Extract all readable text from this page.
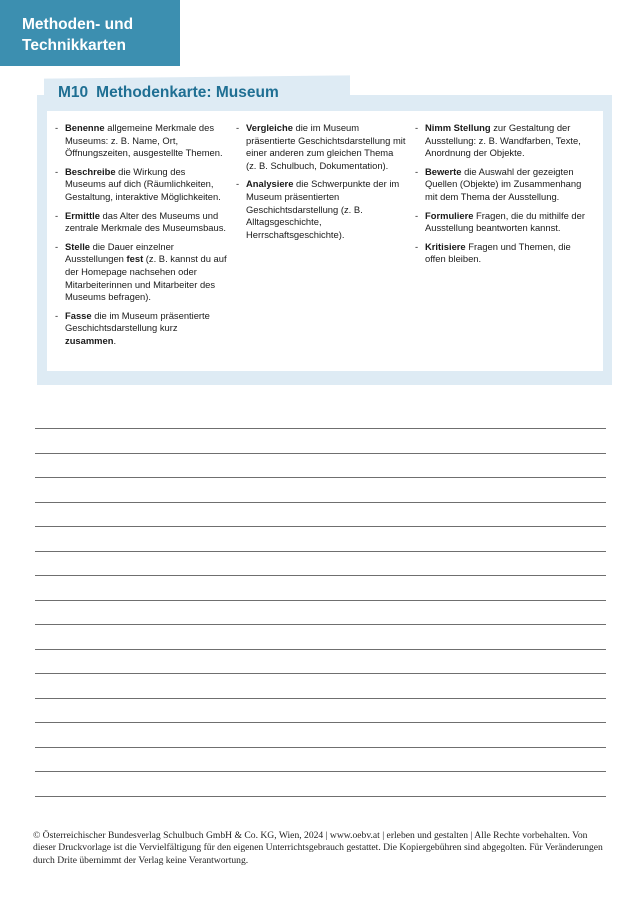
Methoden- und
Technikkarten
M10 Methodenkarte: Museum
- Benenne allgemeine Merkmale des Museums: z. B. Name, Ort, Öffnungszeiten, ausgestellte Themen.
- Beschreibe die Wirkung des Museums auf dich (Räumlichkeiten, Gestaltung, interaktive Möglichkeiten.
- Ermittle das Alter des Museums und zentrale Merkmale des Museumsbaus.
- Stelle die Dauer einzelner Ausstellungen fest (z. B. kannst du auf der Homepage nachsehen oder Mitarbeiterinnen und Mitarbeiter des Museums befragen).
- Fasse die im Museum präsentierte Geschichtsdarstellung kurz zusammen.
- Vergleiche die im Museum präsentierte Geschichtsdarstellung mit einer anderen zum gleichen Thema (z. B. Schulbuch, Dokumentation).
- Analysiere die Schwerpunkte der im Museum präsentierten Geschichtsdarstellung (z. B. Alltagsgeschichte, Herrschaftsgeschichte).
- Nimm Stellung zur Gestaltung der Ausstellung: z. B. Wandfarben, Texte, Anordnung der Objekte.
- Bewerte die Auswahl der gezeigten Quellen (Objekte) im Zusammenhang mit dem Thema der Ausstellung.
- Formuliere Fragen, die du mithilfe der Ausstellung beantworten kannst.
- Kritisiere Fragen und Themen, die offen bleiben.
© Österreichischer Bundesverlag Schulbuch GmbH & Co. KG, Wien, 2024 | www.oebv.at | erleben und gestalten | Alle Rechte vorbehalten. Von dieser Druckvorlage ist die Vervielfältigung für den eigenen Unterrichtsgebrauch gestattet. Die Kopiergebühren sind abgegolten. Für Veränderungen durch Drite übernimmt der Verlag keine Verantwortung.
